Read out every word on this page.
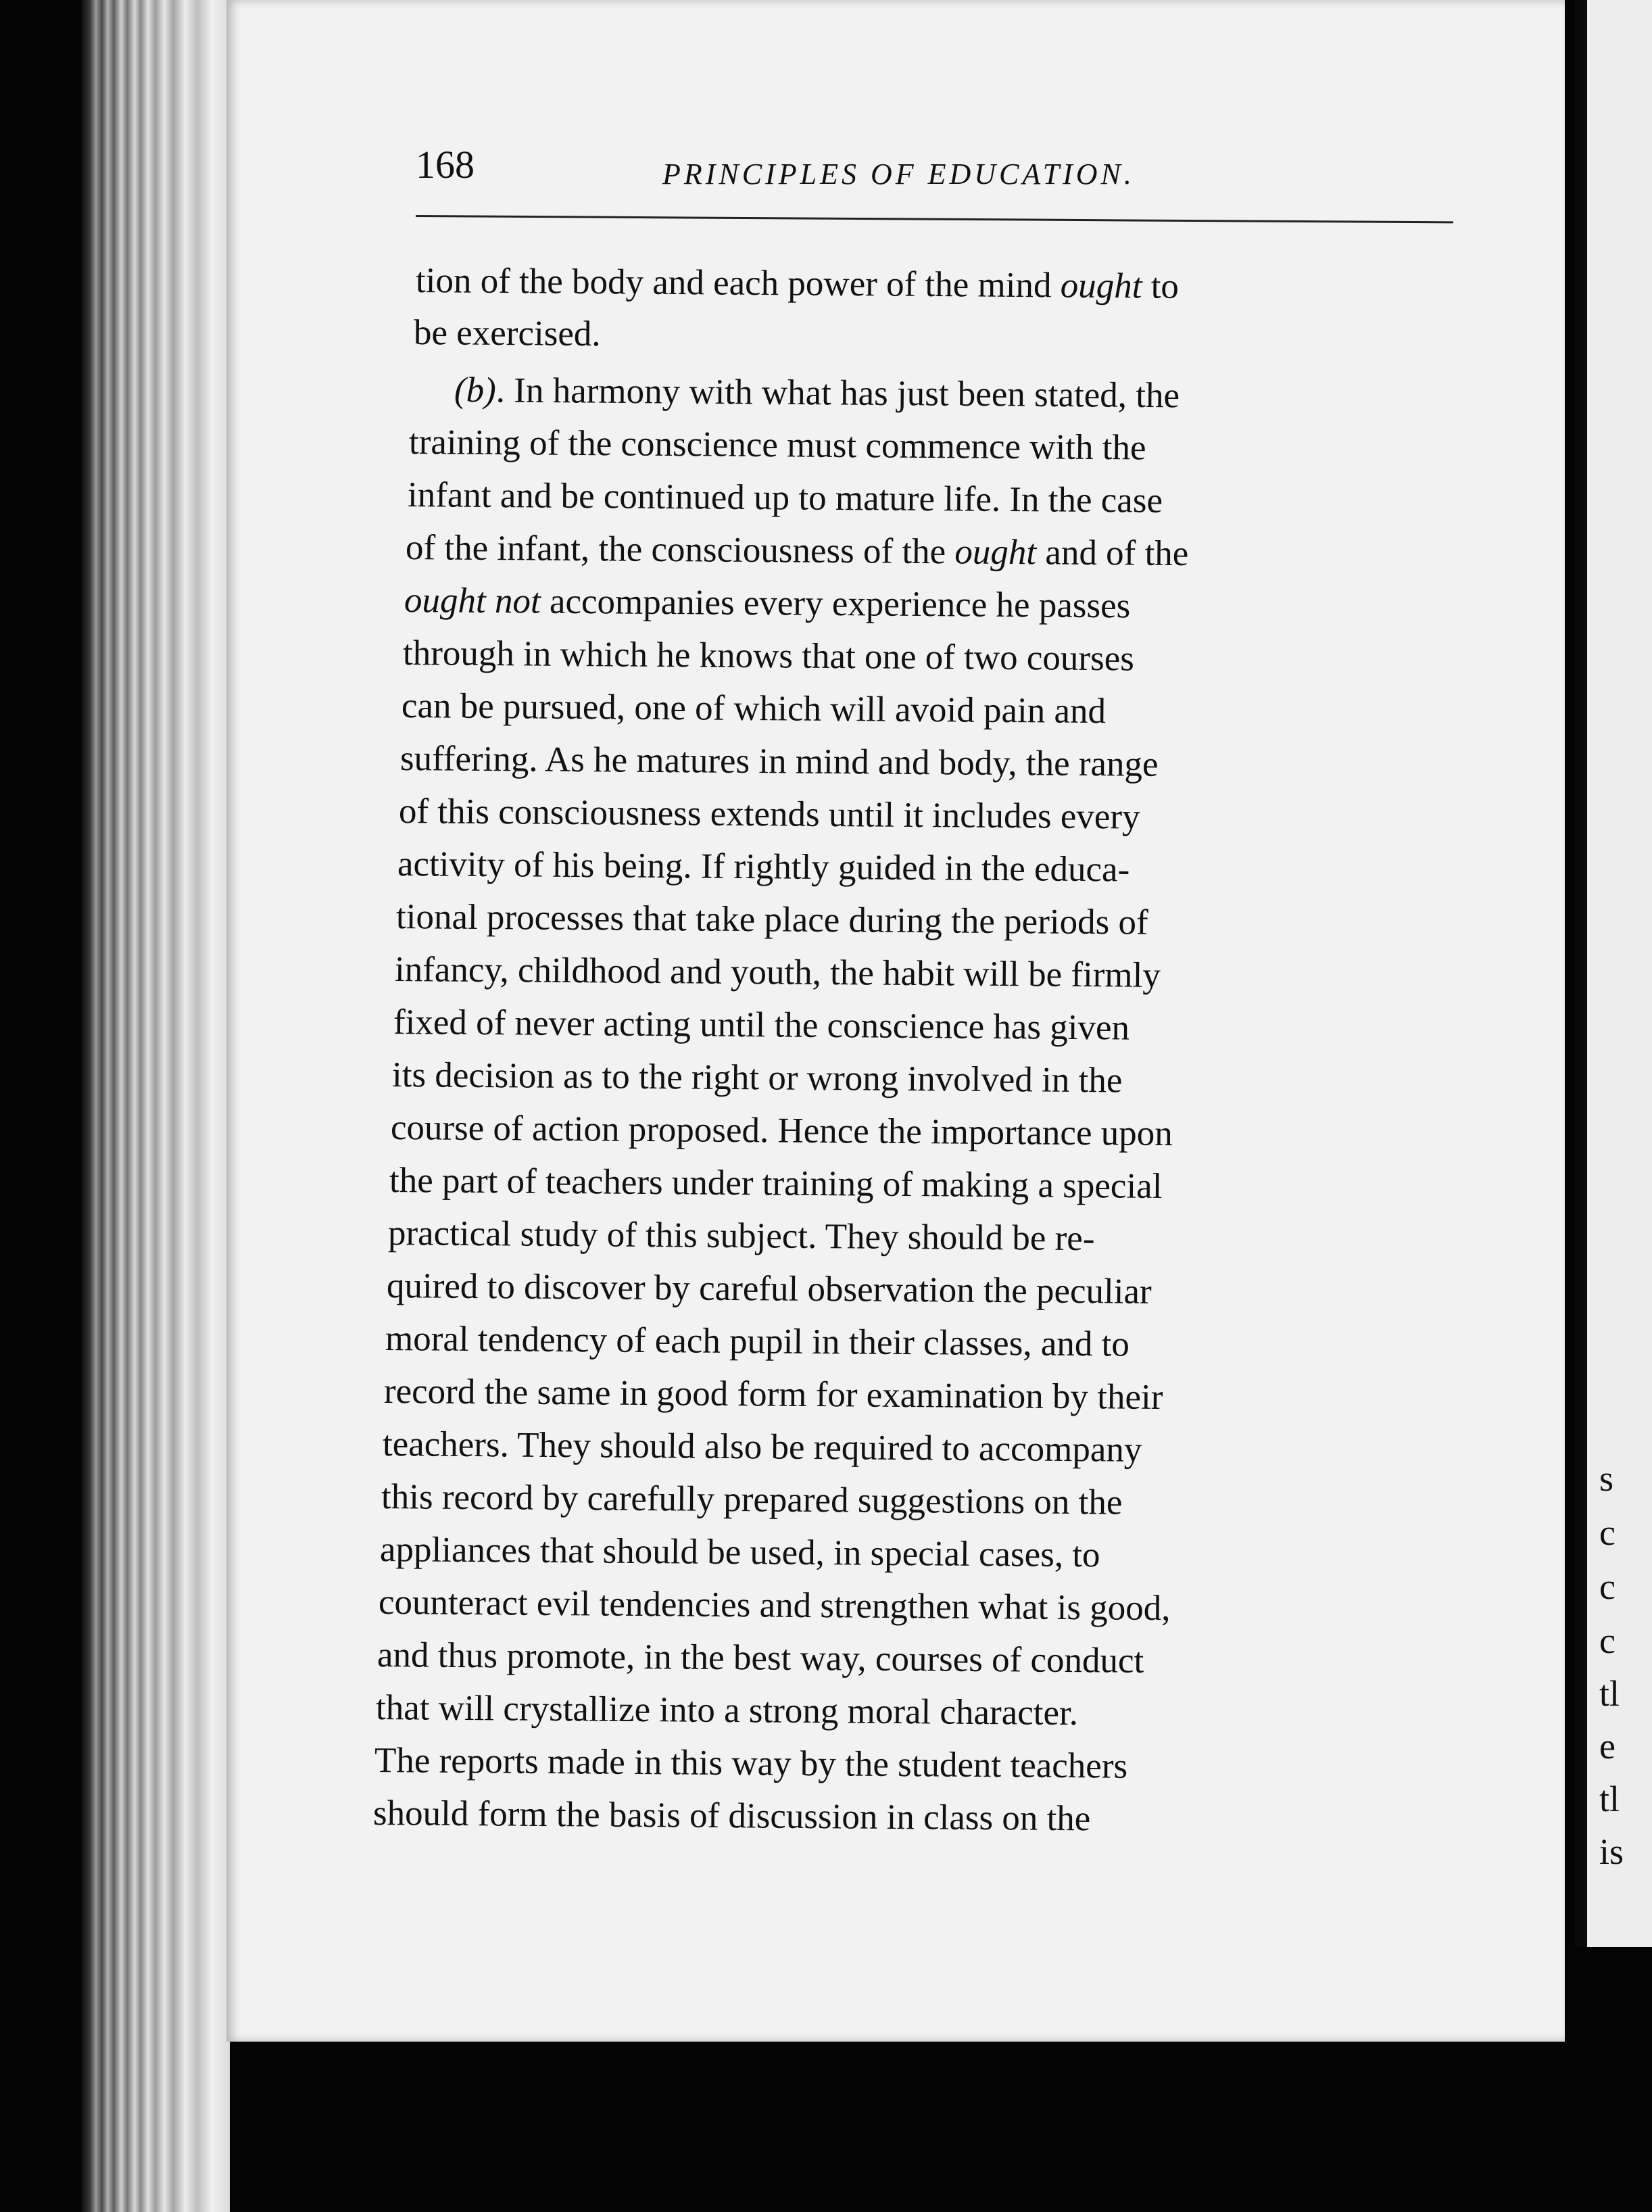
s
c
c
c
tl
e
tl
is
168	PRINCIPLES OF EDUCATION.
tion of the body and each power of the mind ought to
be exercised.
(b). In harmony with what has just been stated, the
training of the conscience must commence with the
infant and be continued up to mature life. In the case
of the infant, the consciousness of the ought and of the
ought not accompanies every experience he passes
through in which he knows that one of two courses
can be pursued, one of which will avoid pain and
suffering. As he matures in mind and body, the range
of this consciousness extends until it includes every
activity of his being. If rightly guided in the educa-
tional processes that take place during the periods of
infancy, childhood and youth, the habit will be firmly
fixed of never acting until the conscience has given
its decision as to the right or wrong involved in the
course of action proposed. Hence the importance upon
the part of teachers under training of making a special
practical study of this subject. They should be re-
quired to discover by careful observation the peculiar
moral tendency of each pupil in their classes, and to
record the same in good form for examination by their
teachers. They should also be required to accompany
this record by carefully prepared suggestions on the
appliances that should be used, in special cases, to
counteract evil tendencies and strengthen what is good,
and thus promote, in the best way, courses of conduct
that will crystallize into a strong moral character.
The reports made in this way by the student teachers
should form the basis of discussion in class on the
